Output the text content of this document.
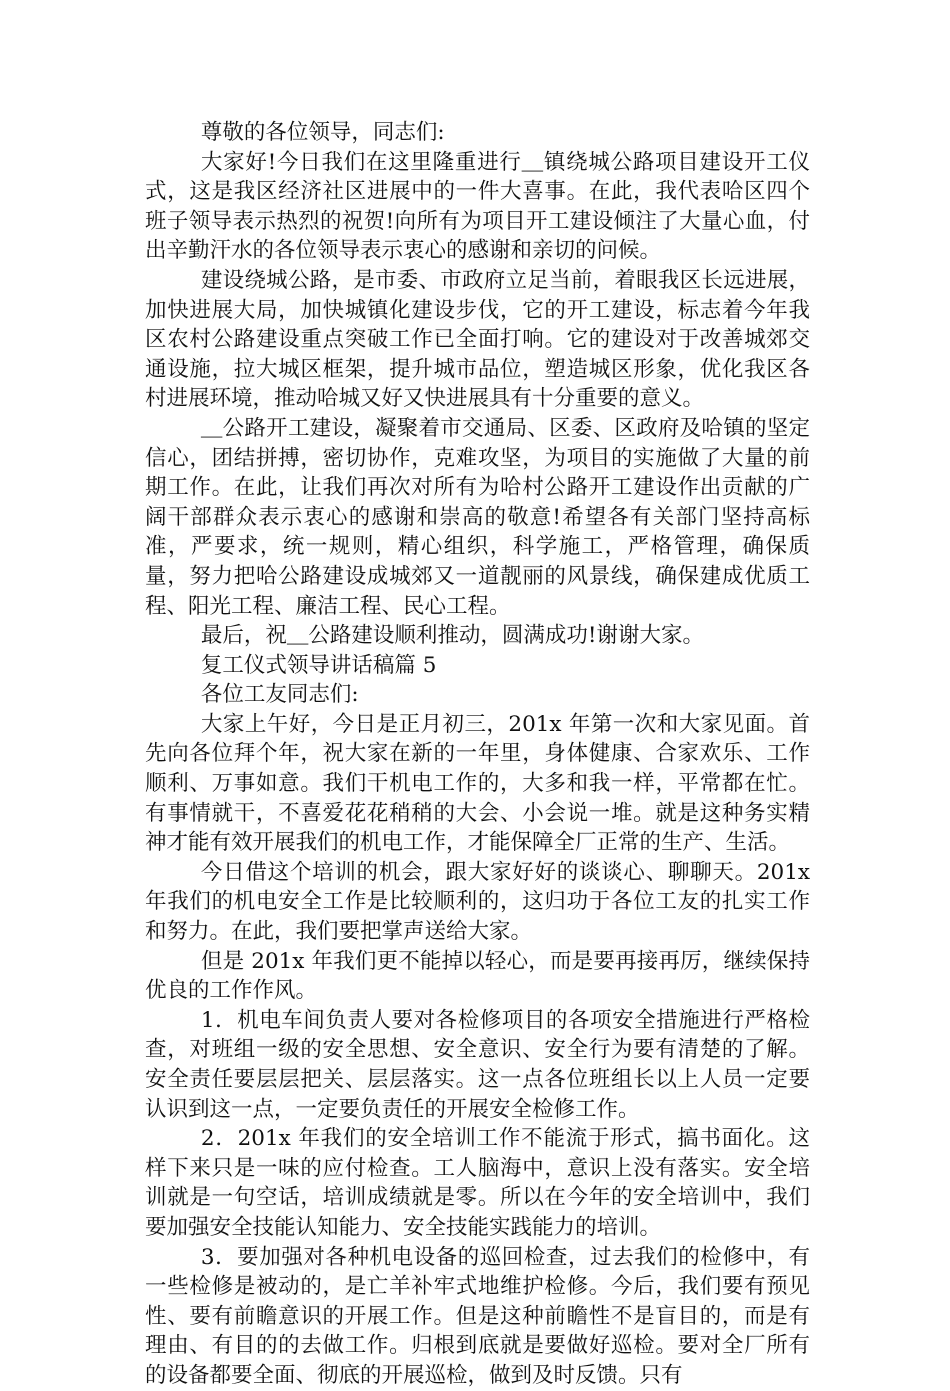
尊敬的各位领导，同志们:

大家好!今日我们在这里隆重进行＿镇绕城公路项目建设开工仪式，这是我区经济社区进展中的一件大喜事。在此，我代表哈区四个班子领导表示热烈的祝贺!向所有为项目开工建设倾注了大量心血，付出辛勤汗水的各位领导表示衷心的感谢和亲切的问候。

建设绕城公路，是市委、市政府立足当前，着眼我区长远进展，加快进展大局，加快城镇化建设步伐，它的开工建设，标志着今年我区农村公路建设重点突破工作已全面打响。它的建设对于改善城郊交通设施，拉大城区框架，提升城市品位，塑造城区形象，优化我区各村进展环境，推动哈城又好又快进展具有十分重要的意义。

＿公路开工建设，凝聚着市交通局、区委、区政府及哈镇的坚定信心，团结拼搏，密切协作，克难攻坚，为项目的实施做了大量的前期工作。在此，让我们再次对所有为哈村公路开工建设作出贡献的广阔干部群众表示衷心的感谢和崇高的敬意!希望各有关部门坚持高标准，严要求，统一规则，精心组织，科学施工，严格管理，确保质量，努力把哈公路建设成城郊又一道靓丽的风景线，确保建成优质工程、阳光工程、廉洁工程、民心工程。

最后，祝＿公路建设顺利推动，圆满成功!谢谢大家。

复工仪式领导讲话稿篇 5

各位工友同志们:

大家上午好，今日是正月初三，201x 年第一次和大家见面。首先向各位拜个年，祝大家在新的一年里，身体健康、合家欢乐、工作顺利、万事如意。我们干机电工作的，大多和我一样，平常都在忙。有事情就干，不喜爱花花稍稍的大会、小会说一堆。就是这种务实精神才能有效开展我们的机电工作，才能保障全厂正常的生产、生活。

今日借这个培训的机会，跟大家好好的谈谈心、聊聊天。201x 年我们的机电安全工作是比较顺利的，这归功于各位工友的扎实工作和努力。在此，我们要把掌声送给大家。

但是 201x 年我们更不能掉以轻心，而是要再接再厉，继续保持优良的工作作风。

1．机电车间负责人要对各检修项目的各项安全措施进行严格检查，对班组一级的安全思想、安全意识、安全行为要有清楚的了解。安全责任要层层把关、层层落实。这一点各位班组长以上人员一定要认识到这一点，一定要负责任的开展安全检修工作。

2．201x 年我们的安全培训工作不能流于形式，搞书面化。这样下来只是一味的应付检查。工人脑海中，意识上没有落实。安全培训就是一句空话，培训成绩就是零。所以在今年的安全培训中，我们要加强安全技能认知能力、安全技能实践能力的培训。

3．要加强对各种机电设备的巡回检查，过去我们的检修中，有一些检修是被动的，是亡羊补牢式地维护检修。今后，我们要有预见性、要有前瞻意识的开展工作。但是这种前瞻性不是盲目的，而是有理由、有目的的去做工作。归根到底就是要做好巡检。要对全厂所有的设备都要全面、彻底的开展巡检，做到及时反馈。只有
